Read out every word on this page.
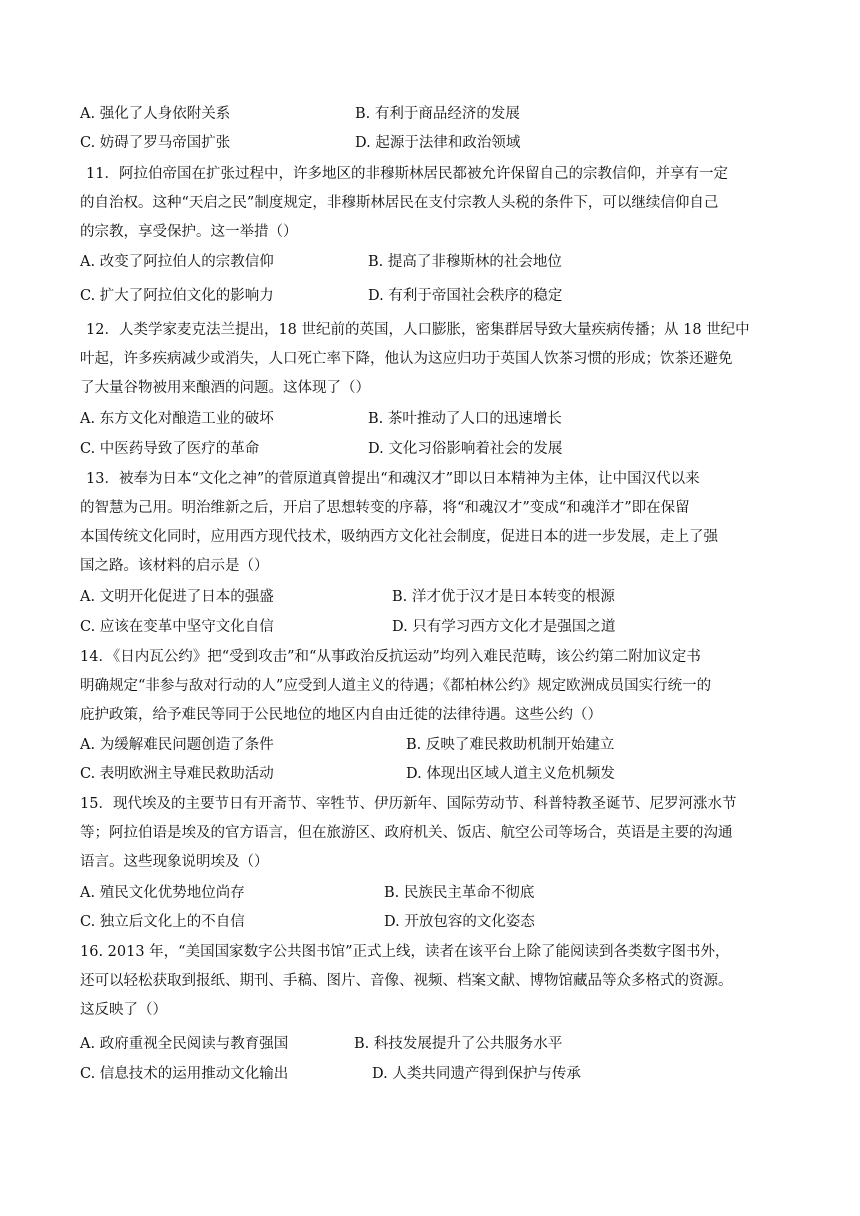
A. 强化了人身依附关系	B. 有利于商品经济的发展
C. 妨碍了罗马帝国扩张	D. 起源于法律和政治领域
11．阿拉伯帝国在扩张过程中，许多地区的非穆斯林居民都被允许保留自己的宗教信仰，并享有一定
的自治权。这种“天启之民”制度规定，非穆斯林居民在支付宗教人头税的条件下，可以继续信仰自己
的宗教，享受保护。这一举措（）
A. 改变了阿拉伯人的宗教信仰	B. 提高了非穆斯林的社会地位
C. 扩大了阿拉伯文化的影响力	D. 有利于帝国社会秩序的稳定
12．人类学家麦克法兰提出，18 世纪前的英国，人口膨胀，密集群居导致大量疾病传播；从 18 世纪中
叶起，许多疾病减少或消失，人口死亡率下降，他认为这应归功于英国人饮茶习惯的形成；饮茶还避免
了大量谷物被用来酿酒的问题。这体现了（）
A. 东方文化对酿造工业的破坏	B. 茶叶推动了人口的迅速增长
C. 中医药导致了医疗的革命	D. 文化习俗影响着社会的发展
13．被奉为日本“文化之神”的菅原道真曾提出“和魂汉才”即以日本精神为主体，让中国汉代以来
的智慧为己用。明治维新之后，开启了思想转变的序幕，将“和魂汉才”变成“和魂洋才”即在保留
本国传统文化同时，应用西方现代技术，吸纳西方文化社会制度，促进日本的进一步发展，走上了强
国之路。该材料的启示是（）
A. 文明开化促进了日本的强盛	B. 洋才优于汉才是日本转变的根源
C. 应该在变革中坚守文化自信	D. 只有学习西方文化才是强国之道
14．《日内瓦公约》把“受到攻击”和“从事政治反抗运动”均列入难民范畴，该公约第二附加议定书
明确规定“非参与敌对行动的人”应受到人道主义的待遇；《都柏林公约》规定欧洲成员国实行统一的
庇护政策，给予难民等同于公民地位的地区内自由迁徙的法律待遇。这些公约（）
A. 为缓解难民问题创造了条件	B. 反映了难民救助机制开始建立
C. 表明欧洲主导难民救助活动	D. 体现出区域人道主义危机频发
15．现代埃及的主要节日有开斋节、宰牲节、伊历新年、国际劳动节、科普特教圣诞节、尼罗河涨水节
等；阿拉伯语是埃及的官方语言，但在旅游区、政府机关、饭店、航空公司等场合，英语是主要的沟通
语言。这些现象说明埃及（）
A. 殖民文化优势地位尚存	B. 民族民主革命不彻底
C. 独立后文化上的不自信	D. 开放包容的文化姿态
16. 2013 年，“美国国家数字公共图书馆”正式上线，读者在该平台上除了能阅读到各类数字图书外，
还可以轻松获取到报纸、期刊、手稿、图片、音像、视频、档案文献、博物馆藏品等众多格式的资源。
这反映了（）
A. 政府重视全民阅读与教育强国	B. 科技发展提升了公共服务水平
C. 信息技术的运用推动文化输出	D. 人类共同遗产得到保护与传承
